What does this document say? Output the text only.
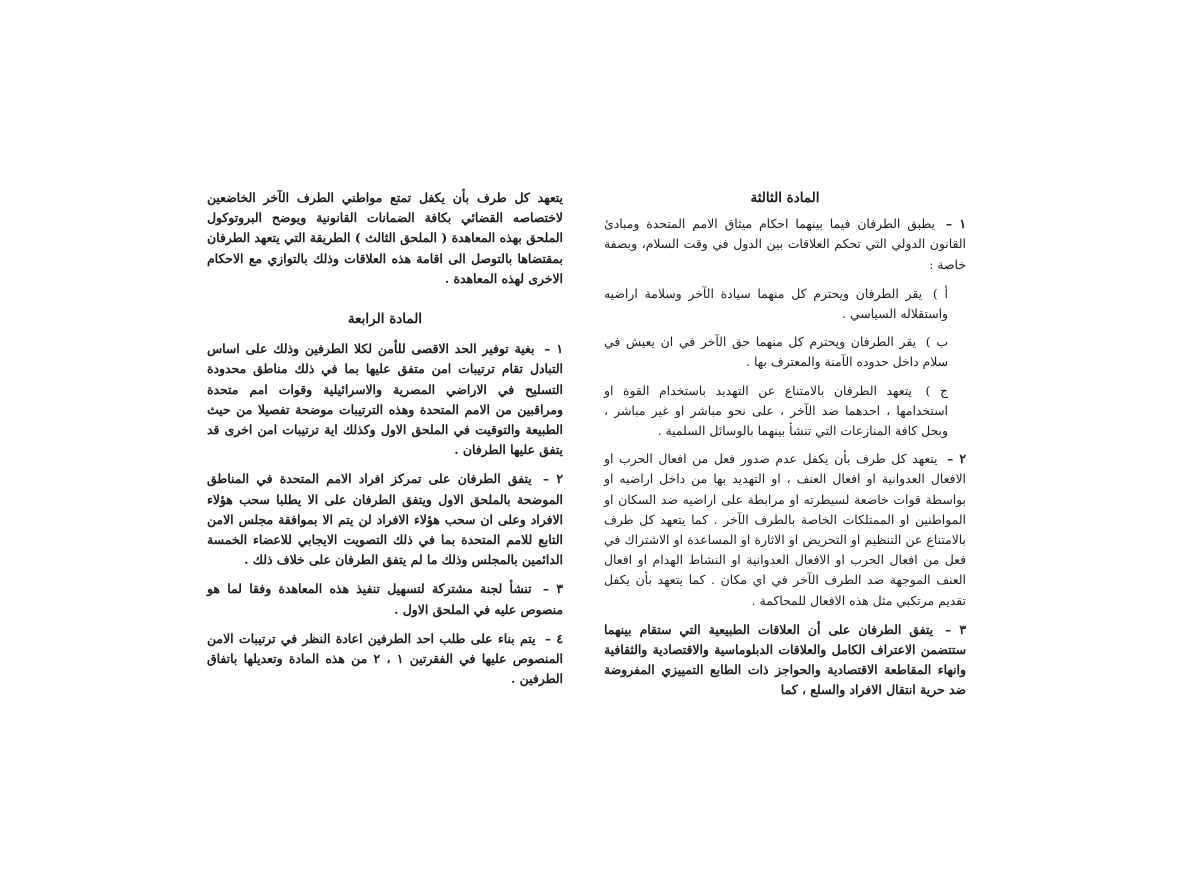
المادة الثالثة
١ – يطبق الطرفان فيما بينهما احكام ميثاق الامم المتحدة ومبادئ القانون الدولي التي تحكم العلاقات بين الدول في وقت السلام، وبصفة خاصة :
أ ) يقر الطرفان ويحترم كل منهما سيادة الآخر وسلامة اراضيه واستقلاله السياسي .
ب ) يقر الطرفان ويحترم كل منهما حق الآخر في ان يعيش في سلام داخل حدوده الآمنة والمعترف بها .
ج ) يتعهد الطرفان بالامتناع عن التهديد باستخدام القوة او استخدامها ، احدهما ضد الآخر ، على نحو مباشر او غير مباشر ، وبحل كافة المنازعات التي تنشأ بينهما بالوسائل السلمية .
٢ – يتعهد كل طرف بأن يكفل عدم صدور فعل من افعال الحرب او الافعال العدوانية او افعال العنف ، او التهديد بها من داخل اراضيه او بواسطة قوات خاضعة لسيطرته او مرابطة على اراضيه ضد السكان او المواطنين او الممتلكات الخاصة بالطرف الآخر . كما يتعهد كل طرف بالامتناع عن التنظيم او التحريض او الاثارة او المساعدة او الاشتراك في فعل من افعال الحرب او الافعال العدوانية او النشاط الهدام او افعال العنف الموجهة ضد الطرف الآخر في اي مكان . كما يتعهد بأن يكفل تقديم مرتكبي مثل هذه الافعال للمحاكمة .
٣ – يتفق الطرفان على أن العلاقات الطبيعية التي ستقام بينهما ستتضمن الاعتراف الكامل والعلاقات الدبلوماسية والاقتصادية والثقافية وانهاء المقاطعة الاقتصادية والحواجز ذات الطابع التمييزي المفروضة ضد حرية انتقال الافراد والسلع ، كما
يتعهد كل طرف بأن يكفل تمتع مواطني الطرف الآخر الخاضعين لاختصاصه القضائي بكافة الضمانات القانونية ويوضح البروتوكول الملحق بهذه المعاهدة ( الملحق الثالث ) الطريقة التي يتعهد الطرفان بمقتضاها بالتوصل الى اقامة هذه العلاقات وذلك بالتوازي مع الاحكام الاخرى لهذه المعاهدة .
المادة الرابعة
١ – بغية توفير الحد الاقصى للأمن لكلا الطرفين وذلك على اساس التبادل تقام ترتيبات امن متفق عليها بما في ذلك مناطق محدودة التسليح في الاراضي المصرية والاسرائيلية وقوات امم متحدة ومراقبين من الامم المتحدة وهذه الترتيبات موضحة تفصيلا من حيث الطبيعة والتوقيت في الملحق الاول وكذلك اية ترتيبات امن اخرى قد يتفق عليها الطرفان .
٢ – يتفق الطرفان على تمركز افراد الامم المتحدة في المناطق الموضحة بالملحق الاول ويتفق الطرفان على الا يطلبا سحب هؤلاء الافراد وعلى ان سحب هؤلاء الافراد لن يتم الا بموافقة مجلس الامن التابع للامم المتحدة بما في ذلك التصويت الايجابي للاعضاء الخمسة الدائمين بالمجلس وذلك ما لم يتفق الطرفان على خلاف ذلك .
٣ – تنشأ لجنة مشتركة لتسهيل تنفيذ هذه المعاهدة وفقا لما هو منصوص عليه في الملحق الاول .
٤ – يتم بناء على طلب احد الطرفين اعادة النظر في ترتيبات الامن المنصوص عليها في الفقرتين ١ ، ٢ من هذه المادة وتعديلها باتفاق الطرفين .
